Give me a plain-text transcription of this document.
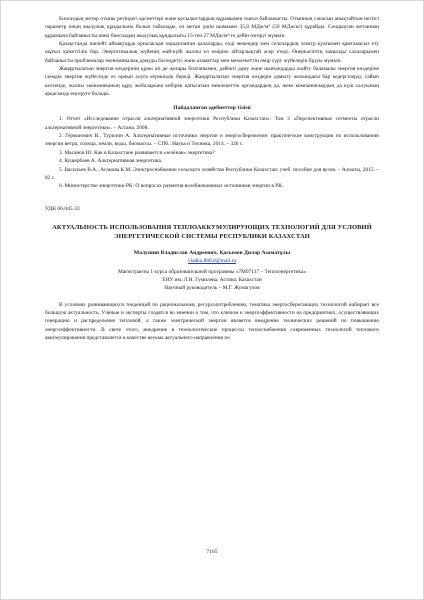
Биогаздың мотор отыны ретіндегі қасиеттері және қосылыстардың құрамымен тығыз байланысты. Отынның сапасын анықтайтын негізгі параметр оның жылулық құндылығы болып табылады, ол метан үшін шамамен 35,8 МДж/м³ (50 МДж/кг) құрайды. Сондықтан метанның құрамына байланысты шикі биогаздың жылулық құндылығы 15-тен 27 МДж/м³-ге дейін өзгеруі мүмкін.

Қазақстанда шөлейт аймақтарда орналасқан оқшауланған қалаларды, елді мекендер мен селолардың электр қуатымен қамтамасыз ету шұғыл қажеттілік бар. Энергетикалық жүйенің жай-күйі жалпы ел өміріне айтарлықтай әсер етеді. Өнеркәсіптің маңызды салаларымен байланысты проблемалар экономикалық дамуды бәсеңдетуі және азаматтар мен мемлекеттің өмір сүру жүйелерін бұзуы мүмкін.

Жаңартылатын энергия көздерінің құны азі де жоғары болғанымен, дәйекті даму және шығындарды азайту баламалы энергия көздеріне ілемдік энергия жүйесінде өз орнын алуға мүмкіндік береді. Жаңартылатын энергия көздерін дамыту жолындағы бар кедергілерді, сайып келгенде, жалпы экономиканың құру жобаларына көбірек қатысатын мемлекеттік органдардың да, жеке компаниялардың да күш салуының арқасында еңсеруге болады.

Пайдаланған әдебиеттер тізімі

1. Отчет «Исследование отрасли альтернативной энергетики Республики Казахстан»: Том 3 «Перспективные сегменты отрасли альтернативной энергетики». – Астана, 2008.

2. Германович В., Турилин А. Альтернативные источники энергии и энергосбережение: практические конструкции по использованию энергии ветра, солнца, земли, воды, биомассы. – СПб.: Наука и Техника, 2014. – 320 с.

3. Масанов Ю. Как в Казахстане развивается «зелёная» энергетика?

4. Кушербаев А. Альтернативная энергетика.

5. Васильев В.А., Асанова К.М. Электроснабжение сельского хозяйства Республики Казахстан: учеб. пособие для вузов. – Алматы, 2015. – 82 с.

6. Министерство энергетики РК: О вопросах развития возобновляемых источников энергии в РК.

УДК 66.045.33

АКТУАЛЬНОСТЬ ИСПОЛЬЗОВАНИЯ ТЕПЛОАККУМУЛИРУЮЩИХ ТЕХНОЛОГИЙ ДЛЯ УСЛОВИЙ ЭНЕРГЕТИЧЕСКОЙ СИСТЕМЫ РЕСПУБЛИКИ КАЗАХСТАН

Малушин Владислав Андреевич, Қасымов Дилар Азаматұлы

vladka.888.8@mail.ru

Магистранты 1 курса образовательной программы «7М07117 – Теплоэнергетика»

ЕНУ им. Л.Н. Гумилева, Астана, Казахстан

Научный руководитель – М.Г. Жумагулов

В условиях развивающихся тенденций по рациональному ресурсопотреблению, тематика энергосберегающих технологий набирает все большую актуальность. Учёные и эксперты сходятся во мнении о том, что ключом к энергоэффективности на предприятиях, осуществляющих генерацию и распределение тепловой, а также электрической энергии является внедрение технических решений по повышению энергоэффективности. В свете этого, внедрение в технологические процессы теплоснабжения современных технологий теплового аккумулирования представляется в качестве весьма актуального направления по

7165
